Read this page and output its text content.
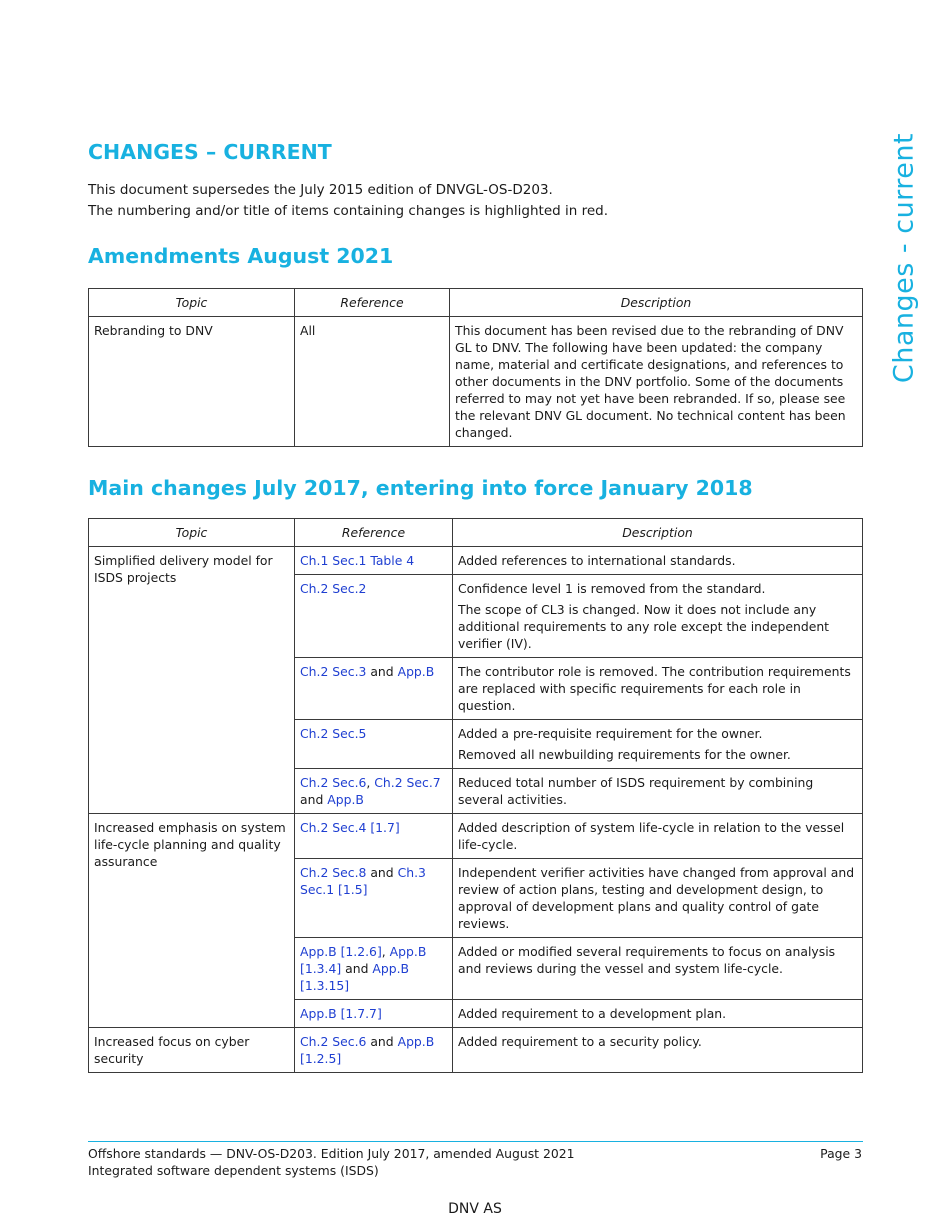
Changes - current
CHANGES – CURRENT
This document supersedes the July 2015 edition of DNVGL-OS-D203.
The numbering and/or title of items containing changes is highlighted in red.
Amendments August 2021
Topic	Reference	Description
Rebranding to DNV	All	This document has been revised due to the rebranding of DNV GL to DNV. The following have been updated: the company name, material and certificate designations, and references to other documents in the DNV portfolio. Some of the documents referred to may not yet have been rebranded. If so, please see the relevant DNV GL document. No technical content has been changed.
Main changes July 2017, entering into force January 2018
Topic	Reference	Description
Simplified delivery model for ISDS projects	Ch.1 Sec.1 Table 4	Added references to international standards.

	Ch.2 Sec.2	Confidence level 1 is removed from the standard.
The scope of CL3 is changed. Now it does not include any additional requirements to any role except the independent verifier (IV).

	Ch.2 Sec.3 and App.B	The contributor role is removed. The contribution requirements are replaced with specific requirements for each role in question.

	Ch.2 Sec.5	Added a pre-requisite requirement for the owner.
Removed all newbuilding requirements for the owner.

	Ch.2 Sec.6, Ch.2 Sec.7 and App.B	Reduced total number of ISDS requirement by combining several activities.

Increased emphasis on system life-cycle planning and quality assurance	Ch.2 Sec.4 [1.7]	Added description of system life-cycle in relation to the vessel life-cycle.

	Ch.2 Sec.8 and Ch.3 Sec.1 [1.5]	Independent verifier activities have changed from approval and review of action plans, testing and development design, to approval of development plans and quality control of gate reviews.

	App.B [1.2.6], App.B [1.3.4] and App.B [1.3.15]	Added or modified several requirements to focus on analysis and reviews during the vessel and system life-cycle.

	App.B [1.7.7]	Added requirement to a development plan.

Increased focus on cyber security	Ch.2 Sec.6 and App.B [1.2.5]	Added requirement to a security policy.
Offshore standards — DNV-OS-D203. Edition July 2017, amended August 2021
Integrated software dependent systems (ISDS)
Page 3
DNV AS
